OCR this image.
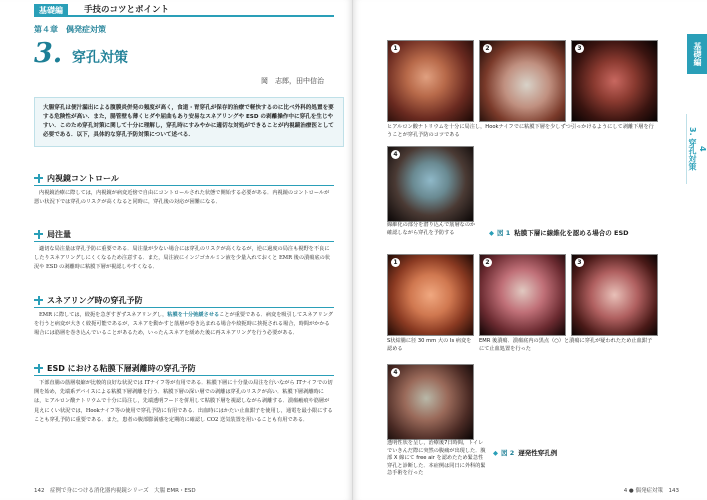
基礎編	手技のコツとポイント
第４章　偶発症対策
3. 穿孔対策
岡　志郎，田中信治
大腸穿孔は便汁漏出による腹膜炎併発の頻度が高く，食道・胃穿孔が保存的治療で軽快するのに比べ外科的処置を要する危険性が高い．また，腸管壁も薄くヒダや屈曲もあり安易なスネアリングや ESD の剥離操作中に穿孔を生じやすい．このため穿孔対策に関して十分に理解し，穿孔時にすみやかに適切な対処ができることが内視鏡治療医として必要である．以下，具体的な穿孔予防対策について述べる．
内視鏡コントロール
内視鏡治療に際しては，内視鏡が病変近傍で自由にコントロールされた状態で開始する必要がある．内視鏡のコントロールが悪い状況下では穿孔のリスクが高くなると同時に，穿孔後の対応が困難になる．
局注量
適切な局注量は穿孔予防に重要である．局注量が少ない場合には穿孔のリスクが高くなるが，逆に過度の局注も視野を不良にしたりスネアリングしにくくなるため注意する．また，局注液にインジゴカルミン液を少量入れておくと EMR 後の潰瘍底の状況や ESD の剥離時に粘膜下層が視認しやすくなる．
スネアリング時の穿孔予防
EMR に際しては，絞扼を急ぎすぎずスネアリングし，粘膜を十分弛緩させることが重要である．病変を吸引してスネアリングを行うと病変が大きく絞扼可能であるが，スネアを動かすと筋層が巻き込まれる場合や絞扼時に挟扼される場合，時間がかかる場合には筋層を巻き込んでいることがあるため，いったんスネアを緩めた後に再スネアリングを行う必要がある．
ESD における粘膜下層剥離時の穿孔予防
下部直腸の筋層収縮が比較的良好な状況では ITナイフ等が有用である．粘膜下層に十分量の局注を行いながら ITナイフでの切開を始め，先端系デバイスによる粘膜下層剥離を行う．粘膜下層の深い層での剥離は穿孔のリスクが高い．粘膜下層剥離時には，ヒアルロン酸ナトリウムで十分に局注し，先端透明フードを併用して粘膜下層を視認しながら剥離する．潰瘍瘢痕や筋層が見えにくい状況では，Hookナイフ等の使用で穿孔予防に有用である．出血時にはかたい止血鉗子を使用し，通電を最小限にすることも穿孔予防に重要である．また，患者の腹部膨満感を定期的に確認し CO2 送気装置を用いることも有用である．
142　 症例で身につける消化器内視鏡シリーズ　大腸 EMR・ESD
基礎編
4
3. 穿孔対策
1	2	3
ヒアルロン酸ナトリウムを十分に局注し，Hookナイフでに粘膜下層を少しずつ引っかけるようにして剥離下層を行うことが穿孔予防のコツである
4
線維化の部分を潜り込んで筋層なのか確認しながら穿孔を予防する	◆ 図 1 粘膜下層に線維化を認める場合の ESD
1	2	3
S状結腸に径 30 mm 大の Is 病変を認める
EMR 後潰瘍．潰瘍底内の黒点（○）と潰瘍に穿孔が疑われたため止血鉗子にて止血処置を行った
4
透明性状を呈し，治療後7日時間，トイレでいきんだ際に突然の腹痛が出現した．腹部 X 線にて free air を認めたため緊急性穿孔と診断した．本症例は同日に外科的緊急手術を行った
◆ 図 2 遅発性穿孔例
4 ● 偶発症対策　 143
